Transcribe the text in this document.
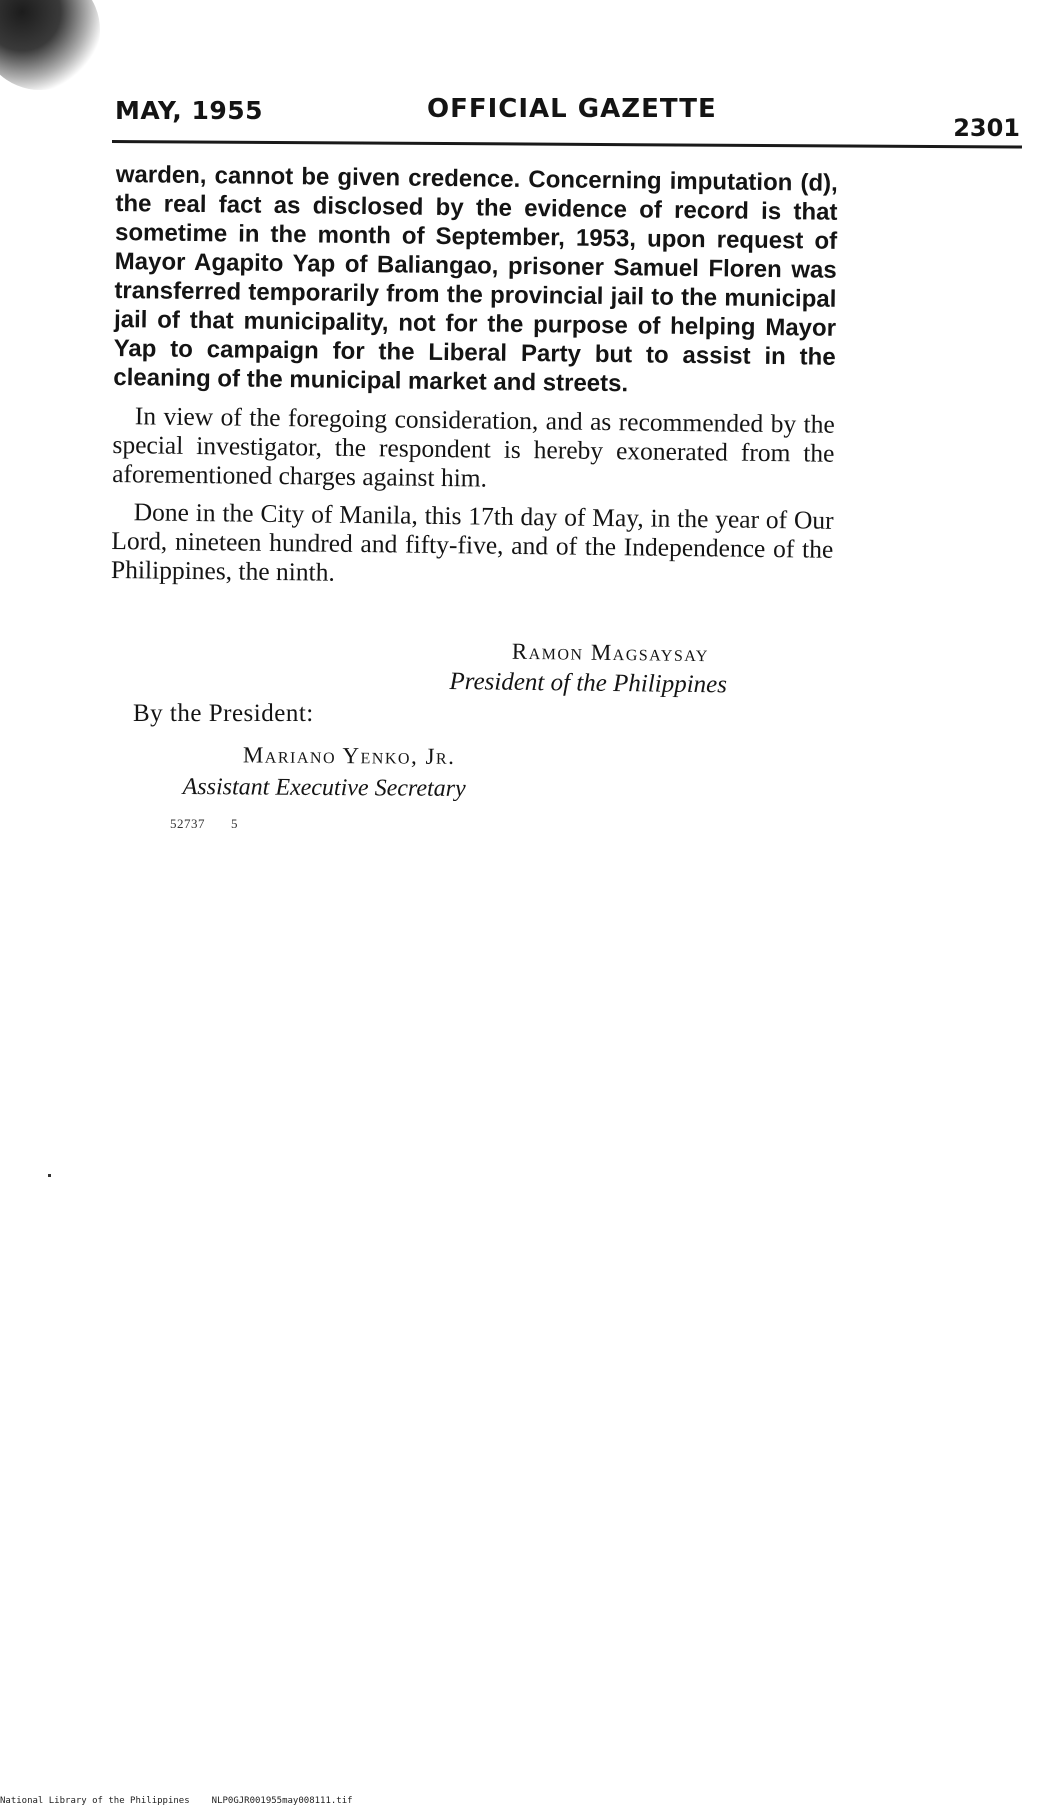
MAY, 1955	OFFICIAL GAZETTE
2301

warden, cannot be given credence. Concerning imputation (d), the real fact as disclosed by the evidence of record is that sometime in the month of September, 1953, upon request of Mayor Agapito Yap of Baliangao, prisoner Samuel Floren was transferred temporarily from the provincial jail to the municipal jail of that municipality, not for the purpose of helping Mayor Yap to campaign for the Liberal Party but to assist in the cleaning of the municipal market and streets.

In view of the foregoing consideration, and as recommended by the special investigator, the respondent is hereby exonerated from the aforementioned charges against him.

Done in the City of Manila, this 17th day of May, in the year of Our Lord, nineteen hundred and fifty-five, and of the Independence of the Philippines, the ninth.

Ramon Magsaysay
President of the Philippines
By the President:
Mariano Yenko, Jr.
Assistant Executive Secretary
52737 5
National Library of the Philippines NLP0GJR001955may008111.tif
